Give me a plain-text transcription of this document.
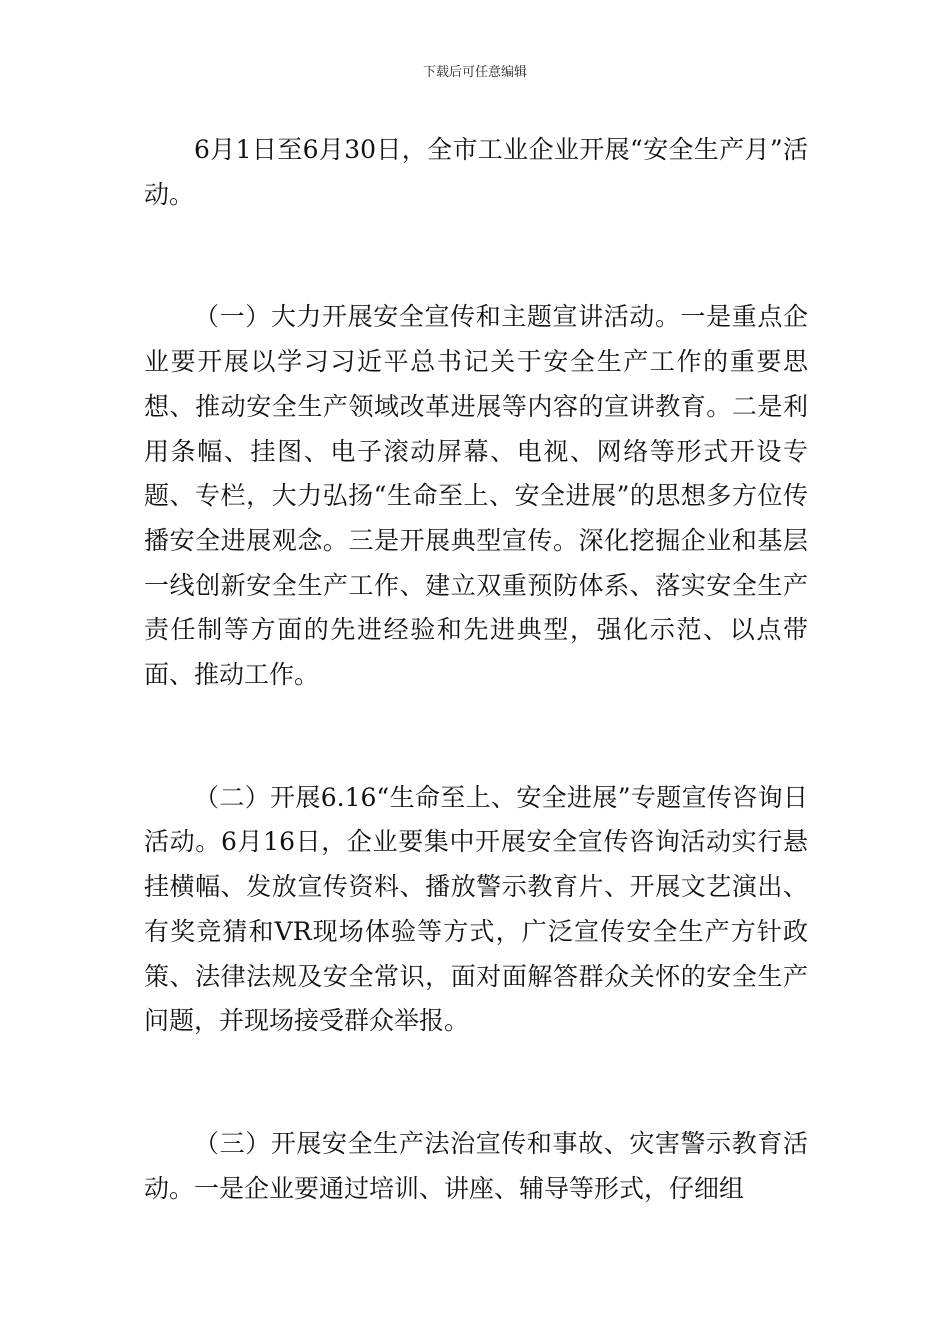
下载后可任意编辑

6月1日至6月30日，全市工业企业开展“安全生产月”活动。

（一）大力开展安全宣传和主题宣讲活动。一是重点企业要开展以学习习近平总书记关于安全生产工作的重要思想、推动安全生产领域改革进展等内容的宣讲教育。二是利用条幅、挂图、电子滚动屏幕、电视、网络等形式开设专题、专栏，大力弘扬“生命至上、安全进展”的思想多方位传播安全进展观念。三是开展典型宣传。深化挖掘企业和基层一线创新安全生产工作、建立双重预防体系、落实安全生产责任制等方面的先进经验和先进典型，强化示范、以点带面、推动工作。

（二）开展6.16“生命至上、安全进展”专题宣传咨询日活动。6月16日，企业要集中开展安全宣传咨询活动实行悬挂横幅、发放宣传资料、播放警示教育片、开展文艺演出、有奖竞猜和VR现场体验等方式，广泛宣传安全生产方针政策、法律法规及安全常识，面对面解答群众关怀的安全生产问题，并现场接受群众举报。

（三）开展安全生产法治宣传和事故、灾害警示教育活动。一是企业要通过培训、讲座、辅导等形式，仔细组
